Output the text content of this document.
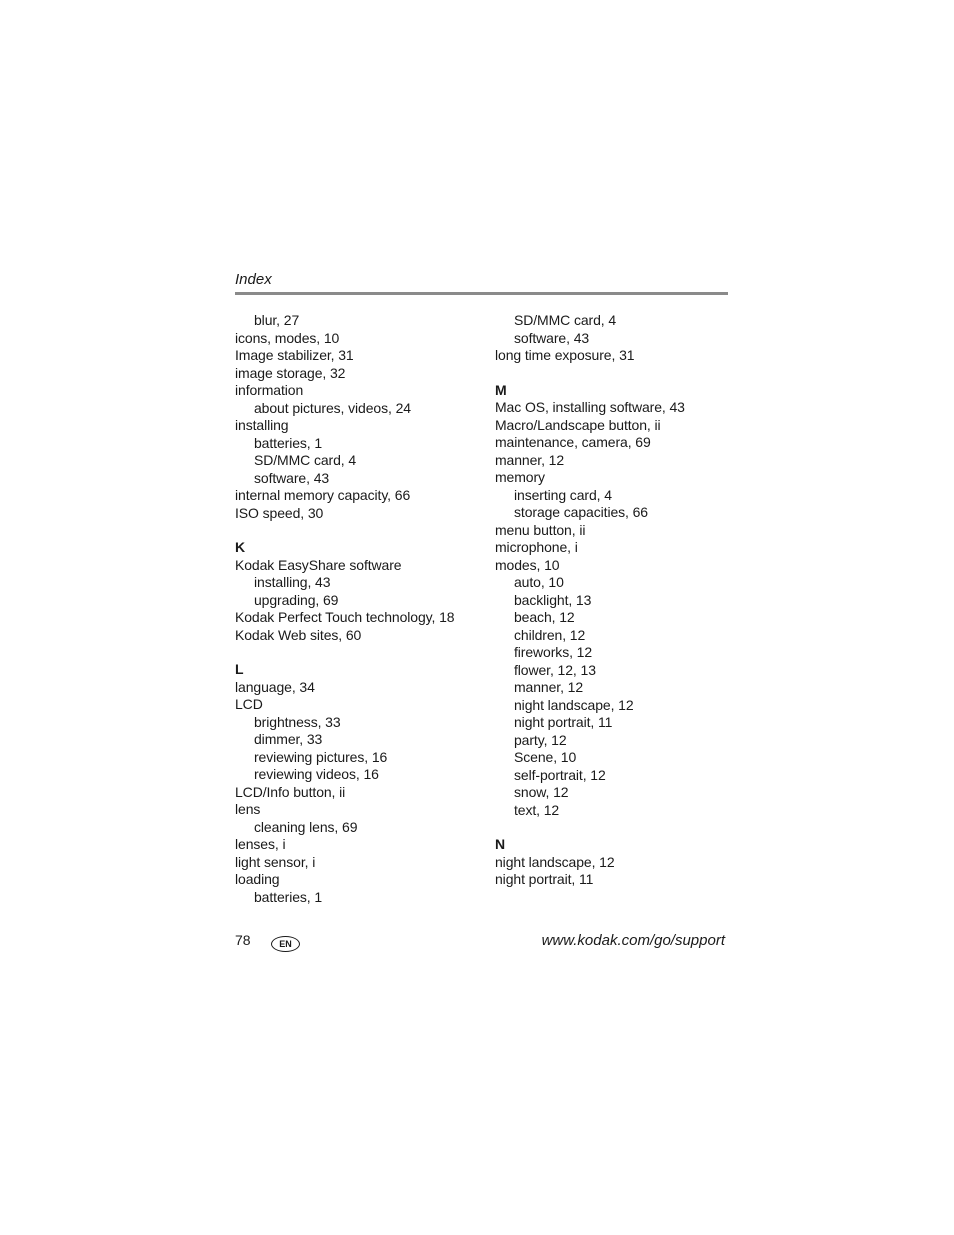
Index
blur, 27
icons, modes, 10
Image stabilizer, 31
image storage, 32
information
about pictures, videos, 24
installing
batteries, 1
SD/MMC card, 4
software, 43
internal memory capacity, 66
ISO speed, 30
K
Kodak EasyShare software
installing, 43
upgrading, 69
Kodak Perfect Touch technology, 18
Kodak Web sites, 60
L
language, 34
LCD
brightness, 33
dimmer, 33
reviewing pictures, 16
reviewing videos, 16
LCD/Info button, ii
lens
cleaning lens, 69
lenses, i
light sensor, i
loading
batteries, 1
SD/MMC card, 4
software, 43
long time exposure, 31
M
Mac OS, installing software, 43
Macro/Landscape button, ii
maintenance, camera, 69
manner, 12
memory
inserting card, 4
storage capacities, 66
menu button, ii
microphone, i
modes, 10
auto, 10
backlight, 13
beach, 12
children, 12
fireworks, 12
flower, 12, 13
manner, 12
night landscape, 12
night portrait, 11
party, 12
Scene, 10
self-portrait, 12
snow, 12
text, 12
N
night landscape, 12
night portrait, 11
78	EN	www.kodak.com/go/support
